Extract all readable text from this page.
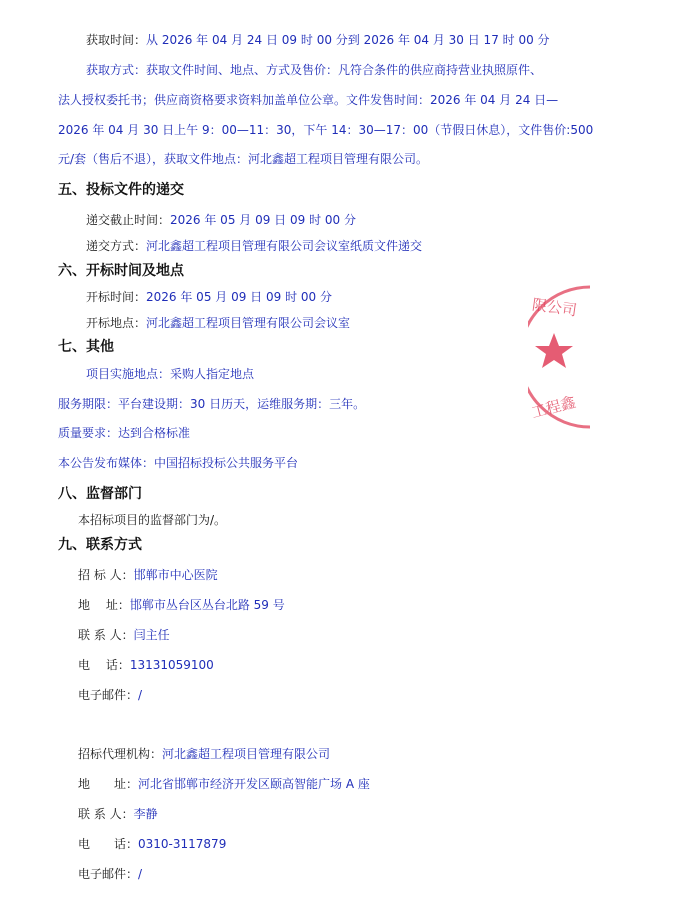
获取时间：从 2026 年 04 月 24 日 09 时 00 分到 2026 年 04 月 30 日 17 时 00 分
获取方式：获取文件时间、地点、方式及售价：凡符合条件的供应商持营业执照原件、
法人授权委托书；供应商资格要求资料加盖单位公章。文件发售时间：2026 年 04 月 24 日—
2026 年 04 月 30 日上午 9：00—11：30，下午 14：30—17：00（节假日休息），文件售价:500
元/套（售后不退），获取文件地点：河北鑫超工程项目管理有限公司。
五、投标文件的递交
递交截止时间：2026 年 05 月 09 日 09 时 00 分
递交方式：河北鑫超工程项目管理有限公司会议室纸质文件递交
六、开标时间及地点
开标时间：2026 年 05 月 09 日 09 时 00 分
开标地点：河北鑫超工程项目管理有限公司会议室
七、其他
项目实施地点：采购人指定地点
服务期限：平台建设期：30 日历天，运维服务期：三年。
质量要求：达到合格标准
本公告发布媒体：中国招标投标公共服务平台
八、监督部门
本招标项目的监督部门为/。
九、联系方式
招 标 人：邯郸市中心医院
地　 址：邯郸市丛台区丛台北路 59 号
联 系 人：闫主任
电　 话：13131059100
电子邮件：/
招标代理机构：河北鑫超工程项目管理有限公司
地　　址：河北省邯郸市经济开发区颐高智能广场 A 座
联 系 人：李静
电　　话：0310-3117879
电子邮件：/
限公司
工程鑫
